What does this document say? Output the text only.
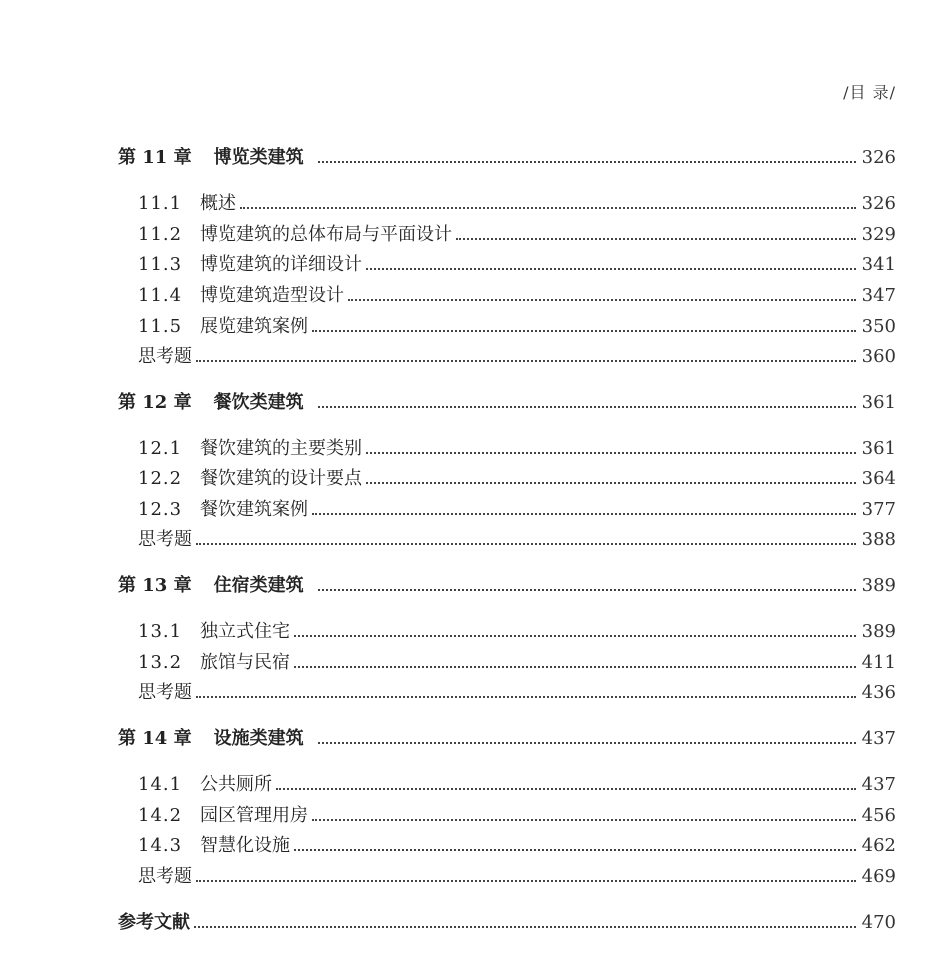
/目 录/
第 11 章 博览类建筑	326
11.1 概述	326
11.2 博览建筑的总体布局与平面设计	329
11.3 博览建筑的详细设计	341
11.4 博览建筑造型设计	347
11.5 展览建筑案例	350
思考题	360
第 12 章 餐饮类建筑	361
12.1 餐饮建筑的主要类别	361
12.2 餐饮建筑的设计要点	364
12.3 餐饮建筑案例	377
思考题	388
第 13 章 住宿类建筑	389
13.1 独立式住宅	389
13.2 旅馆与民宿	411
思考题	436
第 14 章 设施类建筑	437
14.1 公共厕所	437
14.2 园区管理用房	456
14.3 智慧化设施	462
思考题	469
参考文献	470
